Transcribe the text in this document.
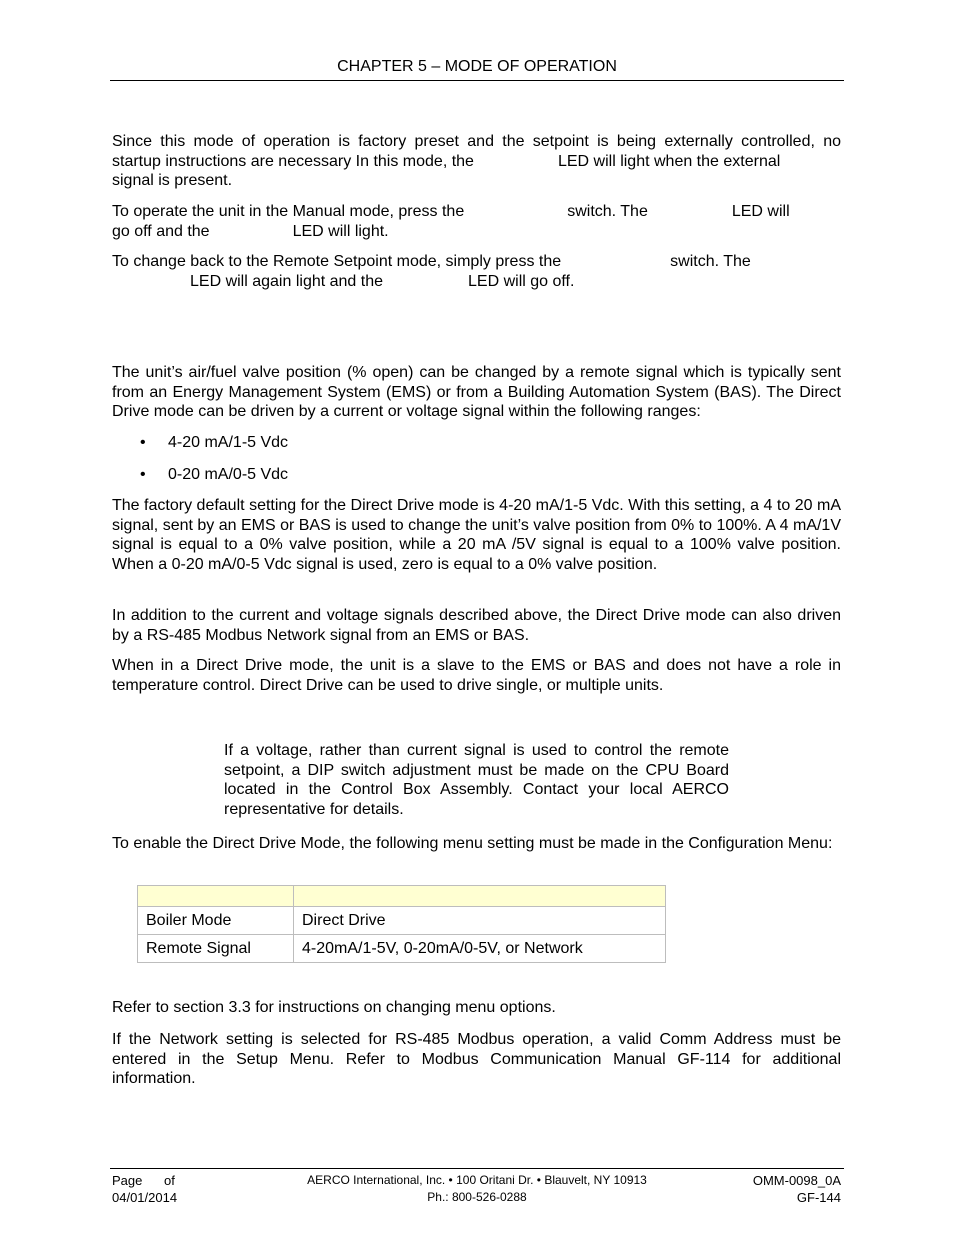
CHAPTER 5 – MODE OF OPERATION
Since this mode of operation is factory preset and the setpoint is being externally controlled, no
startup instructions are necessary In this mode, the	LED will light when the external
signal is present.
To operate the unit in the Manual mode, press the	switch. The	LED will
go off and the	LED will light.
To change back to the Remote Setpoint mode, simply press the	switch. The
LED will again light and the	LED will go off.
The unit’s air/fuel valve position (% open) can be changed by a remote signal which is typically sent from an Energy Management System (EMS) or from a Building Automation System (BAS). The Direct Drive mode can be driven by a current or voltage signal within the following ranges:
• 4-20 mA/1-5 Vdc
• 0-20 mA/0-5 Vdc
The factory default setting for the Direct Drive mode is 4-20 mA/1-5 Vdc. With this setting, a 4 to 20 mA signal, sent by an EMS or BAS is used to change the unit’s valve position from 0% to 100%. A 4 mA/1V signal is equal to a 0% valve position, while a 20 mA /5V signal is equal to a 100% valve position. When a 0-20 mA/0-5 Vdc signal is used, zero is equal to a 0% valve position.
In addition to the current and voltage signals described above, the Direct Drive mode can also driven by a RS-485 Modbus Network signal from an EMS or BAS.
When in a Direct Drive mode, the unit is a slave to the EMS or BAS and does not have a role in temperature control. Direct Drive can be used to drive single, or multiple units.
If a voltage, rather than current signal is used to control the remote setpoint, a DIP switch adjustment must be made on the CPU Board located in the Control Box Assembly. Contact your local AERCO representative for details.
To enable the Direct Drive Mode, the following menu setting must be made in the Configuration Menu:

Boiler Mode	Direct Drive
Remote Signal	4-20mA/1-5V, 0-20mA/0-5V, or Network
Refer to section 3.3 for instructions on changing menu options.
If the Network setting is selected for RS-485 Modbus operation, a valid Comm Address must be entered in the Setup Menu. Refer to Modbus Communication Manual GF-114 for additional information.
Page      of
04/01/2014
AERCO International, Inc. • 100 Oritani Dr. • Blauvelt, NY 10913
Ph.: 800-526-0288
OMM-0098_0A
GF-144
